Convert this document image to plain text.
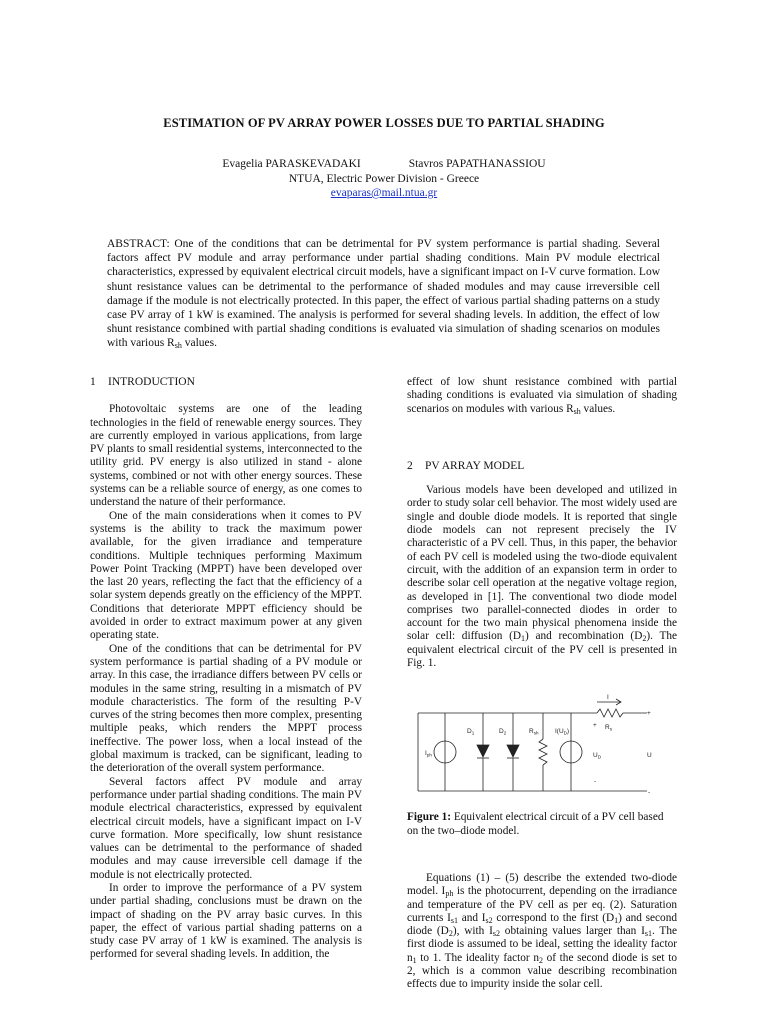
ESTIMATION OF PV ARRAY POWER LOSSES DUE TO PARTIAL SHADING
Evagelia PARASKEVADAKI	Stavros PAPATHANASSIOU
NTUA, Electric Power Division - Greece
evaparas@mail.ntua.gr
ABSTRACT: One of the conditions that can be detrimental for PV system performance is partial shading. Several factors affect PV module and array performance under partial shading conditions. Main PV module electrical characteristics, expressed by equivalent electrical circuit models, have a significant impact on I-V curve formation. Low shunt resistance values can be detrimental to the performance of shaded modules and may cause irreversible cell damage if the module is not electrically protected. In this paper, the effect of various partial shading patterns on a study case PV array of 1 kW is examined. The analysis is performed for several shading levels. In addition, the effect of low shunt resistance combined with partial shading conditions is evaluated via simulation of shading scenarios on modules with various $R_{sh}$ values.
1 INTRODUCTION

Photovoltaic systems are one of the leading technologies in the field of renewable energy sources. They are currently employed in various applications, from large PV plants to small residential systems, interconnected to the utility grid. PV energy is also utilized in stand - alone systems, combined or not with other energy sources. These systems can be a reliable source of energy, as one comes to understand the nature of their performance.

One of the main considerations when it comes to PV systems is the ability to track the maximum power available, for the given irradiance and temperature conditions. Multiple techniques performing Maximum Power Point Tracking (MPPT) have been developed over the last 20 years, reflecting the fact that the efficiency of a solar system depends greatly on the efficiency of the MPPT. Conditions that deteriorate MPPT efficiency should be avoided in order to extract maximum power at any given operating state.

One of the conditions that can be detrimental for PV system performance is partial shading of a PV module or array. In this case, the irradiance differs between PV cells or modules in the same string, resulting in a mismatch of PV module characteristics. The form of the resulting P-V curves of the string becomes then more complex, presenting multiple peaks, which renders the MPPT process ineffective. The power loss, when a local instead of the global maximum is tracked, can be significant, leading to the deterioration of the overall system performance.

Several factors affect PV module and array performance under partial shading conditions. The main PV module electrical characteristics, expressed by equivalent electrical circuit models, have a significant impact on I-V curve formation. More specifically, low shunt resistance values can be detrimental to the performance of shaded modules and may cause irreversible cell damage if the module is not electrically protected.

In order to improve the performance of a PV system under partial shading, conclusions must be drawn on the impact of shading on the PV array basic curves. In this paper, the effect of various partial shading patterns on a study case PV array of 1 kW is examined. The analysis is performed for several shading levels. In addition, the

effect of low shunt resistance combined with partial shading conditions is evaluated via simulation of shading scenarios on modules with various $R_{sh}$ values.

2 PV ARRAY MODEL

Various models have been developed and utilized in order to study solar cell behavior. The most widely used are single and double diode models. It is reported that single diode models can not represent precisely the IV characteristic of a PV cell. Thus, in this paper, the behavior of each PV cell is modeled using the two-diode equivalent circuit, with the addition of an expansion term in order to describe solar cell operation at the negative voltage region, as developed in [1]. The conventional two diode model comprises two parallel-connected diodes in order to account for the two main physical phenomena inside the solar cell: diffusion $(D_1)$ and recombination $(D_2)$. The equivalent electrical circuit of the PV cell is presented in Fig. 1.

Figure 1: Equivalent electrical circuit of a PV cell based on the two–diode model.

Equations (1) – (5) describe the extended two-diode model. $I_{ph}$ is the photocurrent, depending on the irradiance and temperature of the PV cell as per eq. (2). Saturation currents $I_{s1}$ and $I_{s2}$ correspond to the first $(D_1)$ and second diode $(D_2)$, with $I_{s2}$ obtaining values larger than $I_{s1}$. The first diode is assumed to be ideal, setting the ideality factor $n_1$ to 1. The ideality factor $n_2$ of the second diode is set to 2, which is a common value describing recombination effects due to impurity inside the solar cell.

I
$I_{ph}$
$D_1$	$D_2$	$R_{sh}$	$I(U_D)$
$R_s$
$U_D$	U
+
+
-
-
